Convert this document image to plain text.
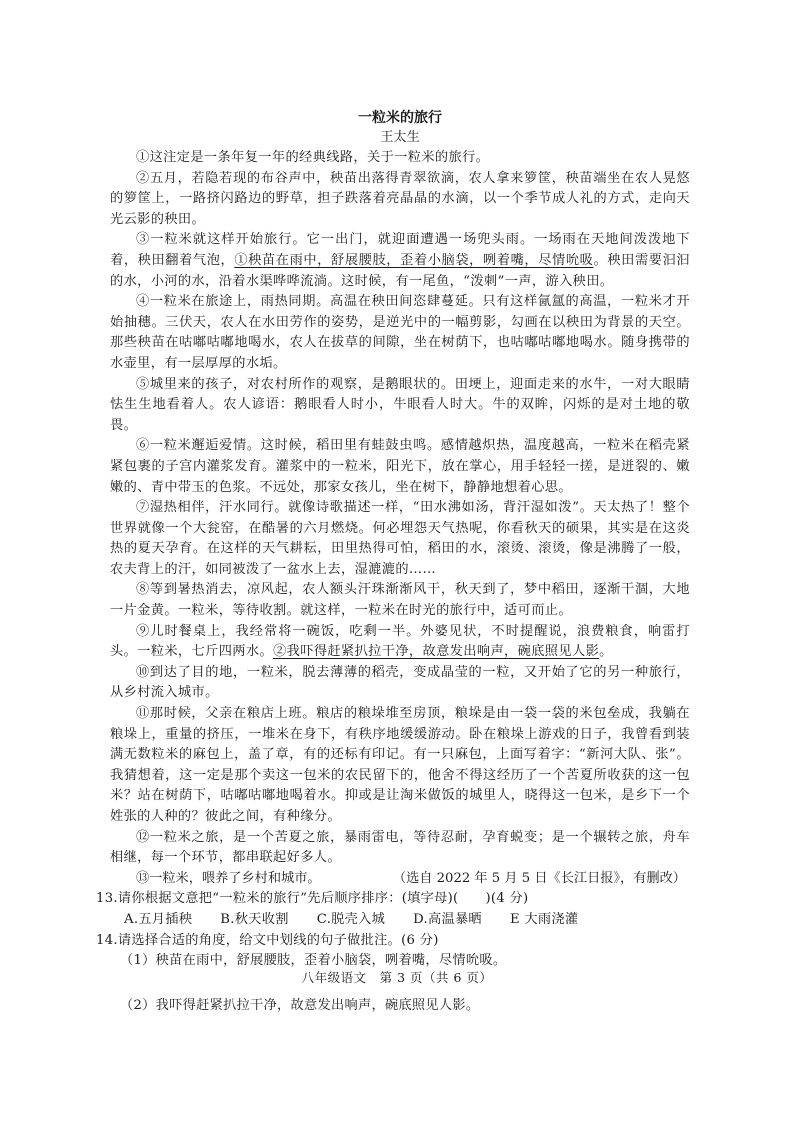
一粒米的旅行

王太生

①这注定是一条年复一年的经典线路，关于一粒米的旅行。

②五月，若隐若现的布谷声中，秧苗出落得青翠欲滴，农人拿来箩筐，秧苗端坐在农人晃悠的箩筐上，一路挤闪路边的野草，担子跌落着亮晶晶的水滴，以一个季节成人礼的方式，走向天光云影的秧田。

③一粒米就这样开始旅行。它一出门，就迎面遭遇一场兜头雨。一场雨在天地间泼泼地下着，秧田翻着气泡，①秧苗在雨中，舒展腰肢，歪着小脑袋，咧着嘴，尽情吮吸。秧田需要汩汩的水，小河的水，沿着水渠哗哗流淌。这时候，有一尾鱼，“泼刺”一声，游入秧田。

④一粒米在旅途上，雨热同期。高温在秧田间恣肆蔓延。只有这样氤氲的高温，一粒米才开始抽穗。三伏天，农人在水田劳作的姿势，是逆光中的一幅剪影，勾画在以秧田为背景的天空。那些秧苗在咕嘟咕嘟地喝水，农人在拔草的间隙，坐在树荫下，也咕嘟咕嘟地喝水。随身携带的水壶里，有一层厚厚的水垢。

⑤城里来的孩子，对农村所作的观察，是鹅眼状的。田埂上，迎面走来的水牛，一对大眼睛怯生生地看着人。农人谚语：鹅眼看人时小，牛眼看人时大。牛的双眸，闪烁的是对土地的敬畏。

⑥一粒米邂逅爱情。这时候，稻田里有蛙鼓虫鸣。感情越炽热，温度越高，一粒米在稻壳紧紧包裹的子宫内灌浆发育。灌浆中的一粒米，阳光下，放在掌心，用手轻轻一搓，是迸裂的、嫩嫩的、青中带玉的色浆。不远处，那家女孩儿，坐在树下，静静地想着心思。

⑦湿热相伴，汗水同行。就像诗歌描述一样，“田水沸如汤，背汗湿如泼”。天太热了！整个世界就像一个大瓮窑，在酷暑的六月燃烧。何必埋怨天气热呢，你看秋天的硕果，其实是在这炎热的夏天孕育。在这样的天气耕耘，田里热得可怕，稻田的水，滚烫、滚烫，像是沸腾了一般，农夫背上的汗，如同被泼了一盆水上去，湿漉漉的……

⑧等到暑热消去，凉风起，农人额头汗珠渐渐风干，秋天到了，梦中稻田，逐渐干涸，大地一片金黄。一粒米，等待收割。就这样，一粒米在时光的旅行中，适可而止。

⑨儿时餐桌上，我经常将一碗饭，吃剩一半。外婆见状，不时提醒说，浪费粮食，响雷打头。一粒米，七斤四两水。②我吓得赶紧扒拉干净，故意发出响声，碗底照见人影。

⑩到达了目的地，一粒米，脱去薄薄的稻壳，变成晶莹的一粒，又开始了它的另一种旅行，从乡村流入城市。

⑪那时候，父亲在粮店上班。粮店的粮垛堆至房顶，粮垛是由一袋一袋的米包垒成，我躺在粮垛上，重量的挤压，一堆米在身下，有秩序地缓缓游动。卧在粮垛上游戏的日子，我曾看到装满无数粒米的麻包上，盖了章，有的还标有印记。有一只麻包，上面写着字：“新河大队、张”。我猜想着，这一定是那个卖这一包米的农民留下的，他舍不得这经历了一个苦夏所收获的这一包米？站在树荫下，咕嘟咕嘟地喝着水。抑或是让淘米做饭的城里人，晓得这一包米，是乡下一个姓张的人种的？彼此之间，有种缘分。

⑫一粒米之旅，是一个苦夏之旅，暴雨雷电，等待忍耐，孕育蜕变；是一个辗转之旅，舟车相继，每一个环节，都串联起好多人。

⑬一粒米，喂养了乡村和城市。	（选自 2022 年 5 月 5 日《长江日报》，有删改）

13.请你根据文意把“一粒米的旅行”先后顺序排序：(填字母)(　　)(4 分)

A.五月插秧 B.秋天收割 C.脱壳入城 D.高温暴晒 E 大雨浇灌

14.请选择合适的角度，给文中划线的句子做批注。(6 分)

（1）秧苗在雨中，舒展腰肢，歪着小脑袋，咧着嘴，尽情吮吸。

（2）我吓得赶紧扒拉干净，故意发出响声，碗底照见人影。

八年级语文　第 3 页（共 6 页）
